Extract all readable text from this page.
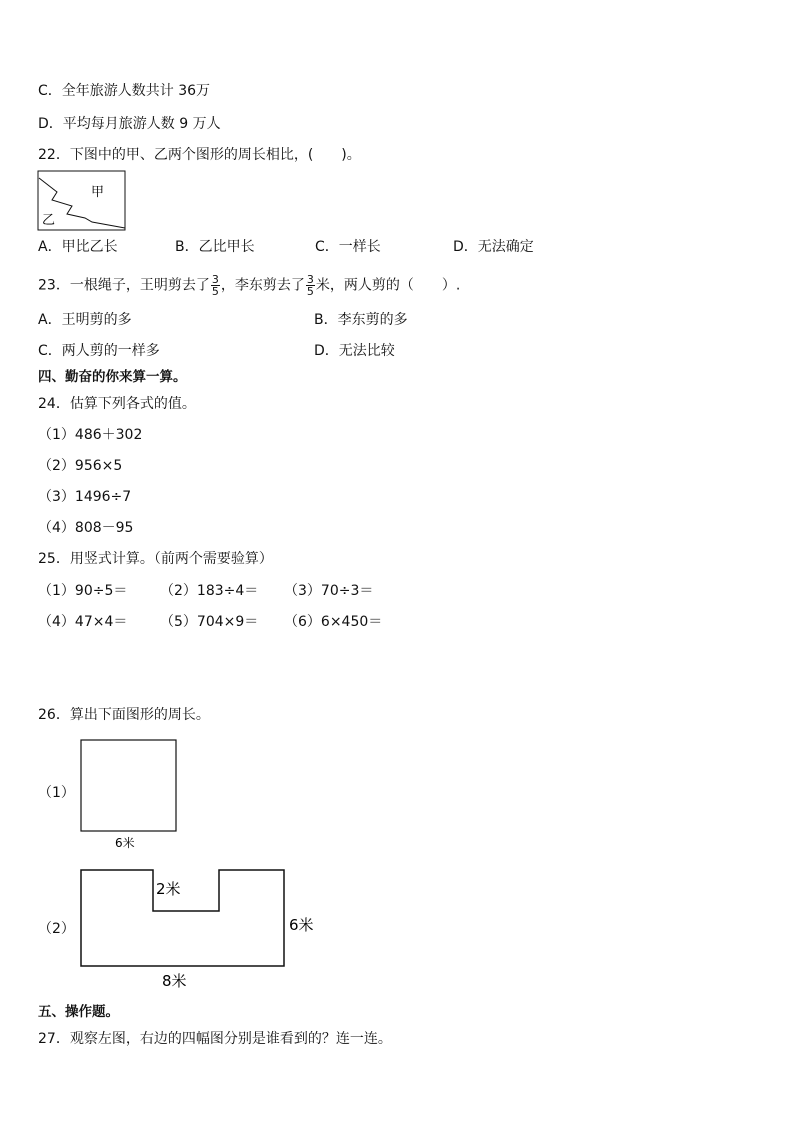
C．全年旅游人数共计 36万
D．平均每月旅游人数 9 万人
22．下图中的甲、乙两个图形的周长相比，(　　)。
甲
乙
A．甲比乙长	B．乙比甲长	C．一样长	D．无法确定
23．一根绳子，王明剪去了 $\frac{3}{5}$ ，李东剪去了 $\frac{3}{5}$ 米，两人剪的（　　）.
A．王明剪的多	B．李东剪的多
C．两人剪的一样多	D．无法比较
四、勤奋的你来算一算。
24．估算下列各式的值。
（1）486＋302
（2）956×5
（3）1496÷7
（4）808－95
25．用竖式计算。（前两个需要验算）
（1）90÷5＝ （2）183÷4＝ （3）70÷3＝
（4）47×4＝ （5）704×9＝ （6）6×450＝
26．算出下面图形的周长。
（1）
6米
（2）
2米
6米
8米
五、操作题。
27．观察左图，右边的四幅图分别是谁看到的？连一连。
